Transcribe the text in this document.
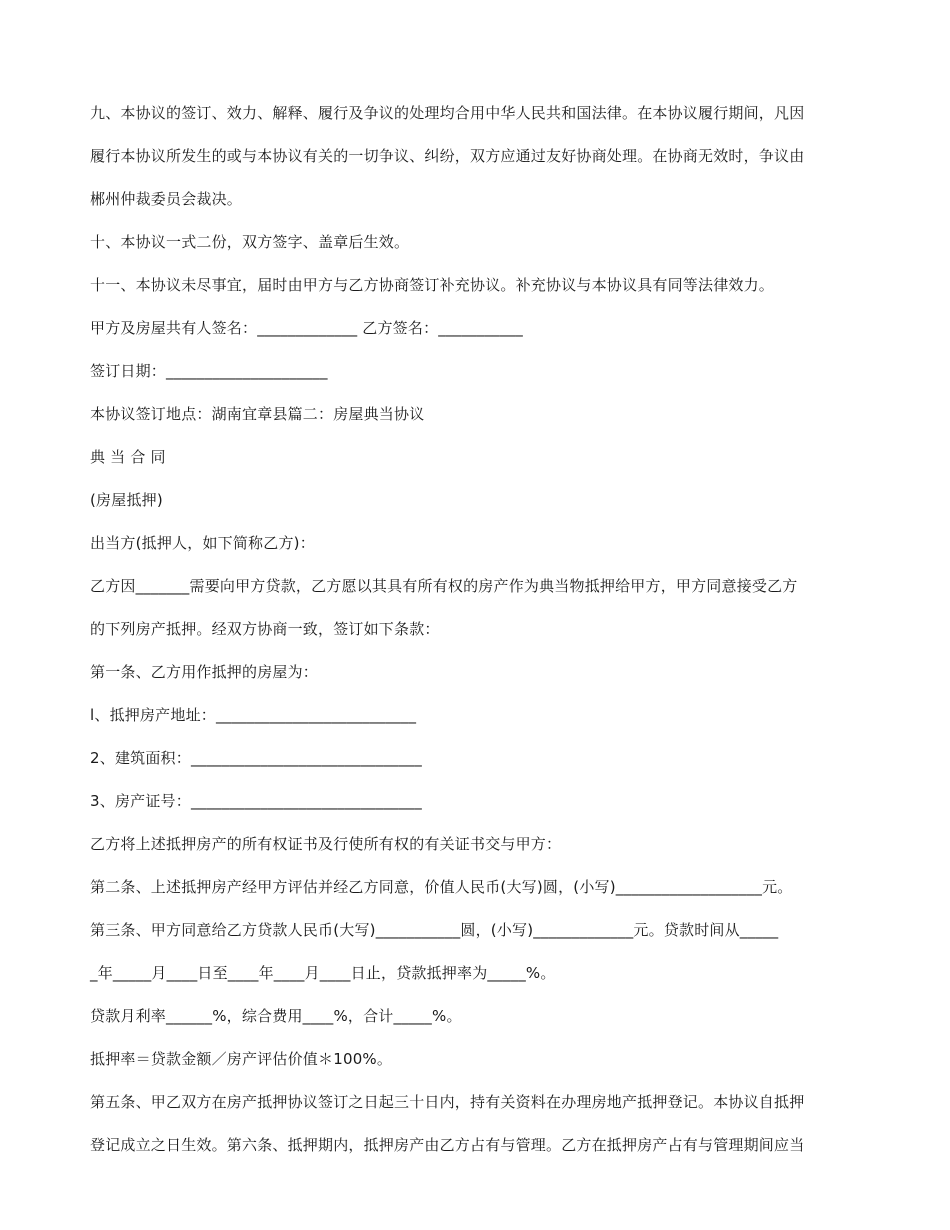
九、本协议的签订、效力、解释、履行及争议的处理均合用中华人民共和国法律。在本协议履行期间，凡因

履行本协议所发生的或与本协议有关的一切争议、纠纷，双方应通过友好协商处理。在协商无效时，争议由

郴州仲裁委员会裁决。

十、本协议一式二份，双方签字、盖章后生效。

十一、本协议未尽事宜，届时由甲方与乙方协商签订补充协议。补充协议与本协议具有同等法律效力。

甲方及房屋共有人签名：_____________ 乙方签名：___________

签订日期：_____________________

本协议签订地点：湖南宜章县篇二：房屋典当协议

典 当 合 同

(房屋抵押)

出当方(抵押人，如下简称乙方)：

乙方因_______需要向甲方贷款，乙方愿以其具有所有权的房产作为典当物抵押给甲方，甲方同意接受乙方

的下列房产抵押。经双方协商一致，签订如下条款：

第一条、乙方用作抵押的房屋为：

l、抵押房产地址：__________________________

2、建筑面积：______________________________

3、房产证号：______________________________

乙方将上述抵押房产的所有权证书及行使所有权的有关证书交与甲方：

第二条、上述抵押房产经甲方评估并经乙方同意，价值人民币(大写)圆，(小写)___________________元。

第三条、甲方同意给乙方贷款人民币(大写)___________圆，(小写)_____________元。贷款时间从_____

_年_____月____日至____年____月____日止，贷款抵押率为_____%。

贷款月利率______%，综合费用____%，合计_____%。

抵押率＝贷款金额／房产评估价值＊100%。

第五条、甲乙双方在房产抵押协议签订之日起三十日内，持有关资料在办理房地产抵押登记。本协议自抵押

登记成立之日生效。第六条、抵押期内，抵押房产由乙方占有与管理。乙方在抵押房产占有与管理期间应当
